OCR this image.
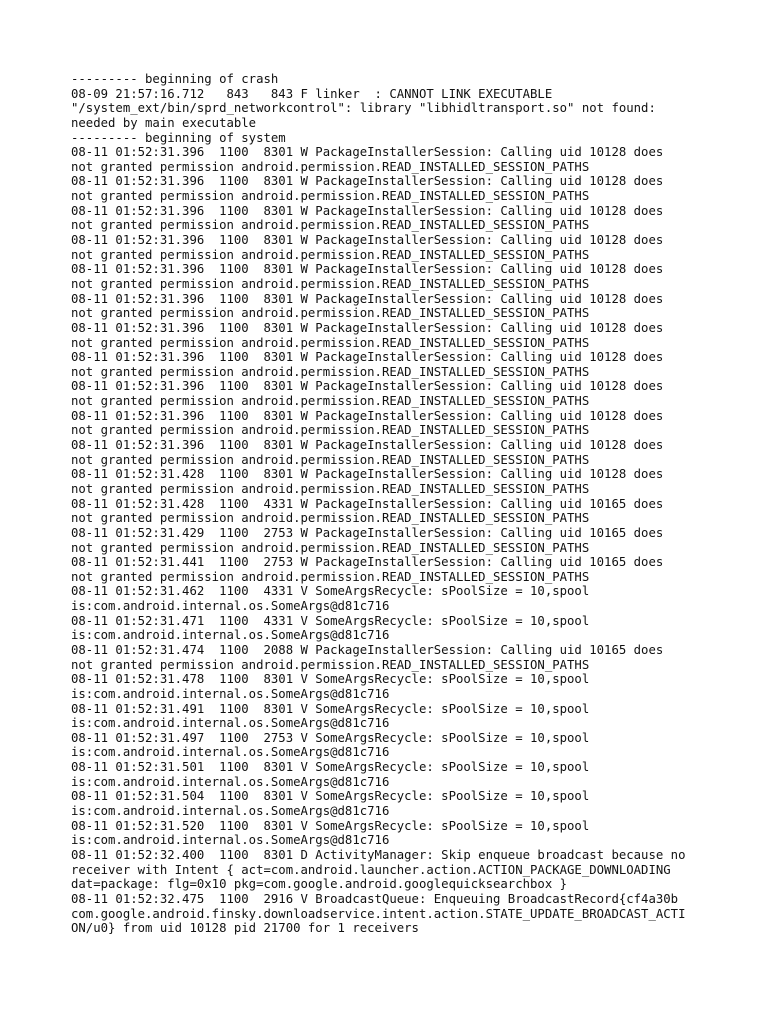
--------- beginning of crash
08-09 21:57:16.712   843   843 F linker  : CANNOT LINK EXECUTABLE
"/system_ext/bin/sprd_networkcontrol": library "libhidltransport.so" not found:
needed by main executable
--------- beginning of system
08-11 01:52:31.396  1100  8301 W PackageInstallerSession: Calling uid 10128 does
not granted permission android.permission.READ_INSTALLED_SESSION_PATHS
08-11 01:52:31.396  1100  8301 W PackageInstallerSession: Calling uid 10128 does
not granted permission android.permission.READ_INSTALLED_SESSION_PATHS
08-11 01:52:31.396  1100  8301 W PackageInstallerSession: Calling uid 10128 does
not granted permission android.permission.READ_INSTALLED_SESSION_PATHS
08-11 01:52:31.396  1100  8301 W PackageInstallerSession: Calling uid 10128 does
not granted permission android.permission.READ_INSTALLED_SESSION_PATHS
08-11 01:52:31.396  1100  8301 W PackageInstallerSession: Calling uid 10128 does
not granted permission android.permission.READ_INSTALLED_SESSION_PATHS
08-11 01:52:31.396  1100  8301 W PackageInstallerSession: Calling uid 10128 does
not granted permission android.permission.READ_INSTALLED_SESSION_PATHS
08-11 01:52:31.396  1100  8301 W PackageInstallerSession: Calling uid 10128 does
not granted permission android.permission.READ_INSTALLED_SESSION_PATHS
08-11 01:52:31.396  1100  8301 W PackageInstallerSession: Calling uid 10128 does
not granted permission android.permission.READ_INSTALLED_SESSION_PATHS
08-11 01:52:31.396  1100  8301 W PackageInstallerSession: Calling uid 10128 does
not granted permission android.permission.READ_INSTALLED_SESSION_PATHS
08-11 01:52:31.396  1100  8301 W PackageInstallerSession: Calling uid 10128 does
not granted permission android.permission.READ_INSTALLED_SESSION_PATHS
08-11 01:52:31.396  1100  8301 W PackageInstallerSession: Calling uid 10128 does
not granted permission android.permission.READ_INSTALLED_SESSION_PATHS
08-11 01:52:31.428  1100  8301 W PackageInstallerSession: Calling uid 10128 does
not granted permission android.permission.READ_INSTALLED_SESSION_PATHS
08-11 01:52:31.428  1100  4331 W PackageInstallerSession: Calling uid 10165 does
not granted permission android.permission.READ_INSTALLED_SESSION_PATHS
08-11 01:52:31.429  1100  2753 W PackageInstallerSession: Calling uid 10165 does
not granted permission android.permission.READ_INSTALLED_SESSION_PATHS
08-11 01:52:31.441  1100  2753 W PackageInstallerSession: Calling uid 10165 does
not granted permission android.permission.READ_INSTALLED_SESSION_PATHS
08-11 01:52:31.462  1100  4331 V SomeArgsRecycle: sPoolSize = 10,spool
is:com.android.internal.os.SomeArgs@d81c716
08-11 01:52:31.471  1100  4331 V SomeArgsRecycle: sPoolSize = 10,spool
is:com.android.internal.os.SomeArgs@d81c716
08-11 01:52:31.474  1100  2088 W PackageInstallerSession: Calling uid 10165 does
not granted permission android.permission.READ_INSTALLED_SESSION_PATHS
08-11 01:52:31.478  1100  8301 V SomeArgsRecycle: sPoolSize = 10,spool
is:com.android.internal.os.SomeArgs@d81c716
08-11 01:52:31.491  1100  8301 V SomeArgsRecycle: sPoolSize = 10,spool
is:com.android.internal.os.SomeArgs@d81c716
08-11 01:52:31.497  1100  2753 V SomeArgsRecycle: sPoolSize = 10,spool
is:com.android.internal.os.SomeArgs@d81c716
08-11 01:52:31.501  1100  8301 V SomeArgsRecycle: sPoolSize = 10,spool
is:com.android.internal.os.SomeArgs@d81c716
08-11 01:52:31.504  1100  8301 V SomeArgsRecycle: sPoolSize = 10,spool
is:com.android.internal.os.SomeArgs@d81c716
08-11 01:52:31.520  1100  8301 V SomeArgsRecycle: sPoolSize = 10,spool
is:com.android.internal.os.SomeArgs@d81c716
08-11 01:52:32.400  1100  8301 D ActivityManager: Skip enqueue broadcast because no
receiver with Intent { act=com.android.launcher.action.ACTION_PACKAGE_DOWNLOADING
dat=package: flg=0x10 pkg=com.google.android.googlequicksearchbox }
08-11 01:52:32.475  1100  2916 V BroadcastQueue: Enqueuing BroadcastRecord{cf4a30b
com.google.android.finsky.downloadservice.intent.action.STATE_UPDATE_BROADCAST_ACTI
ON/u0} from uid 10128 pid 21700 for 1 receivers
